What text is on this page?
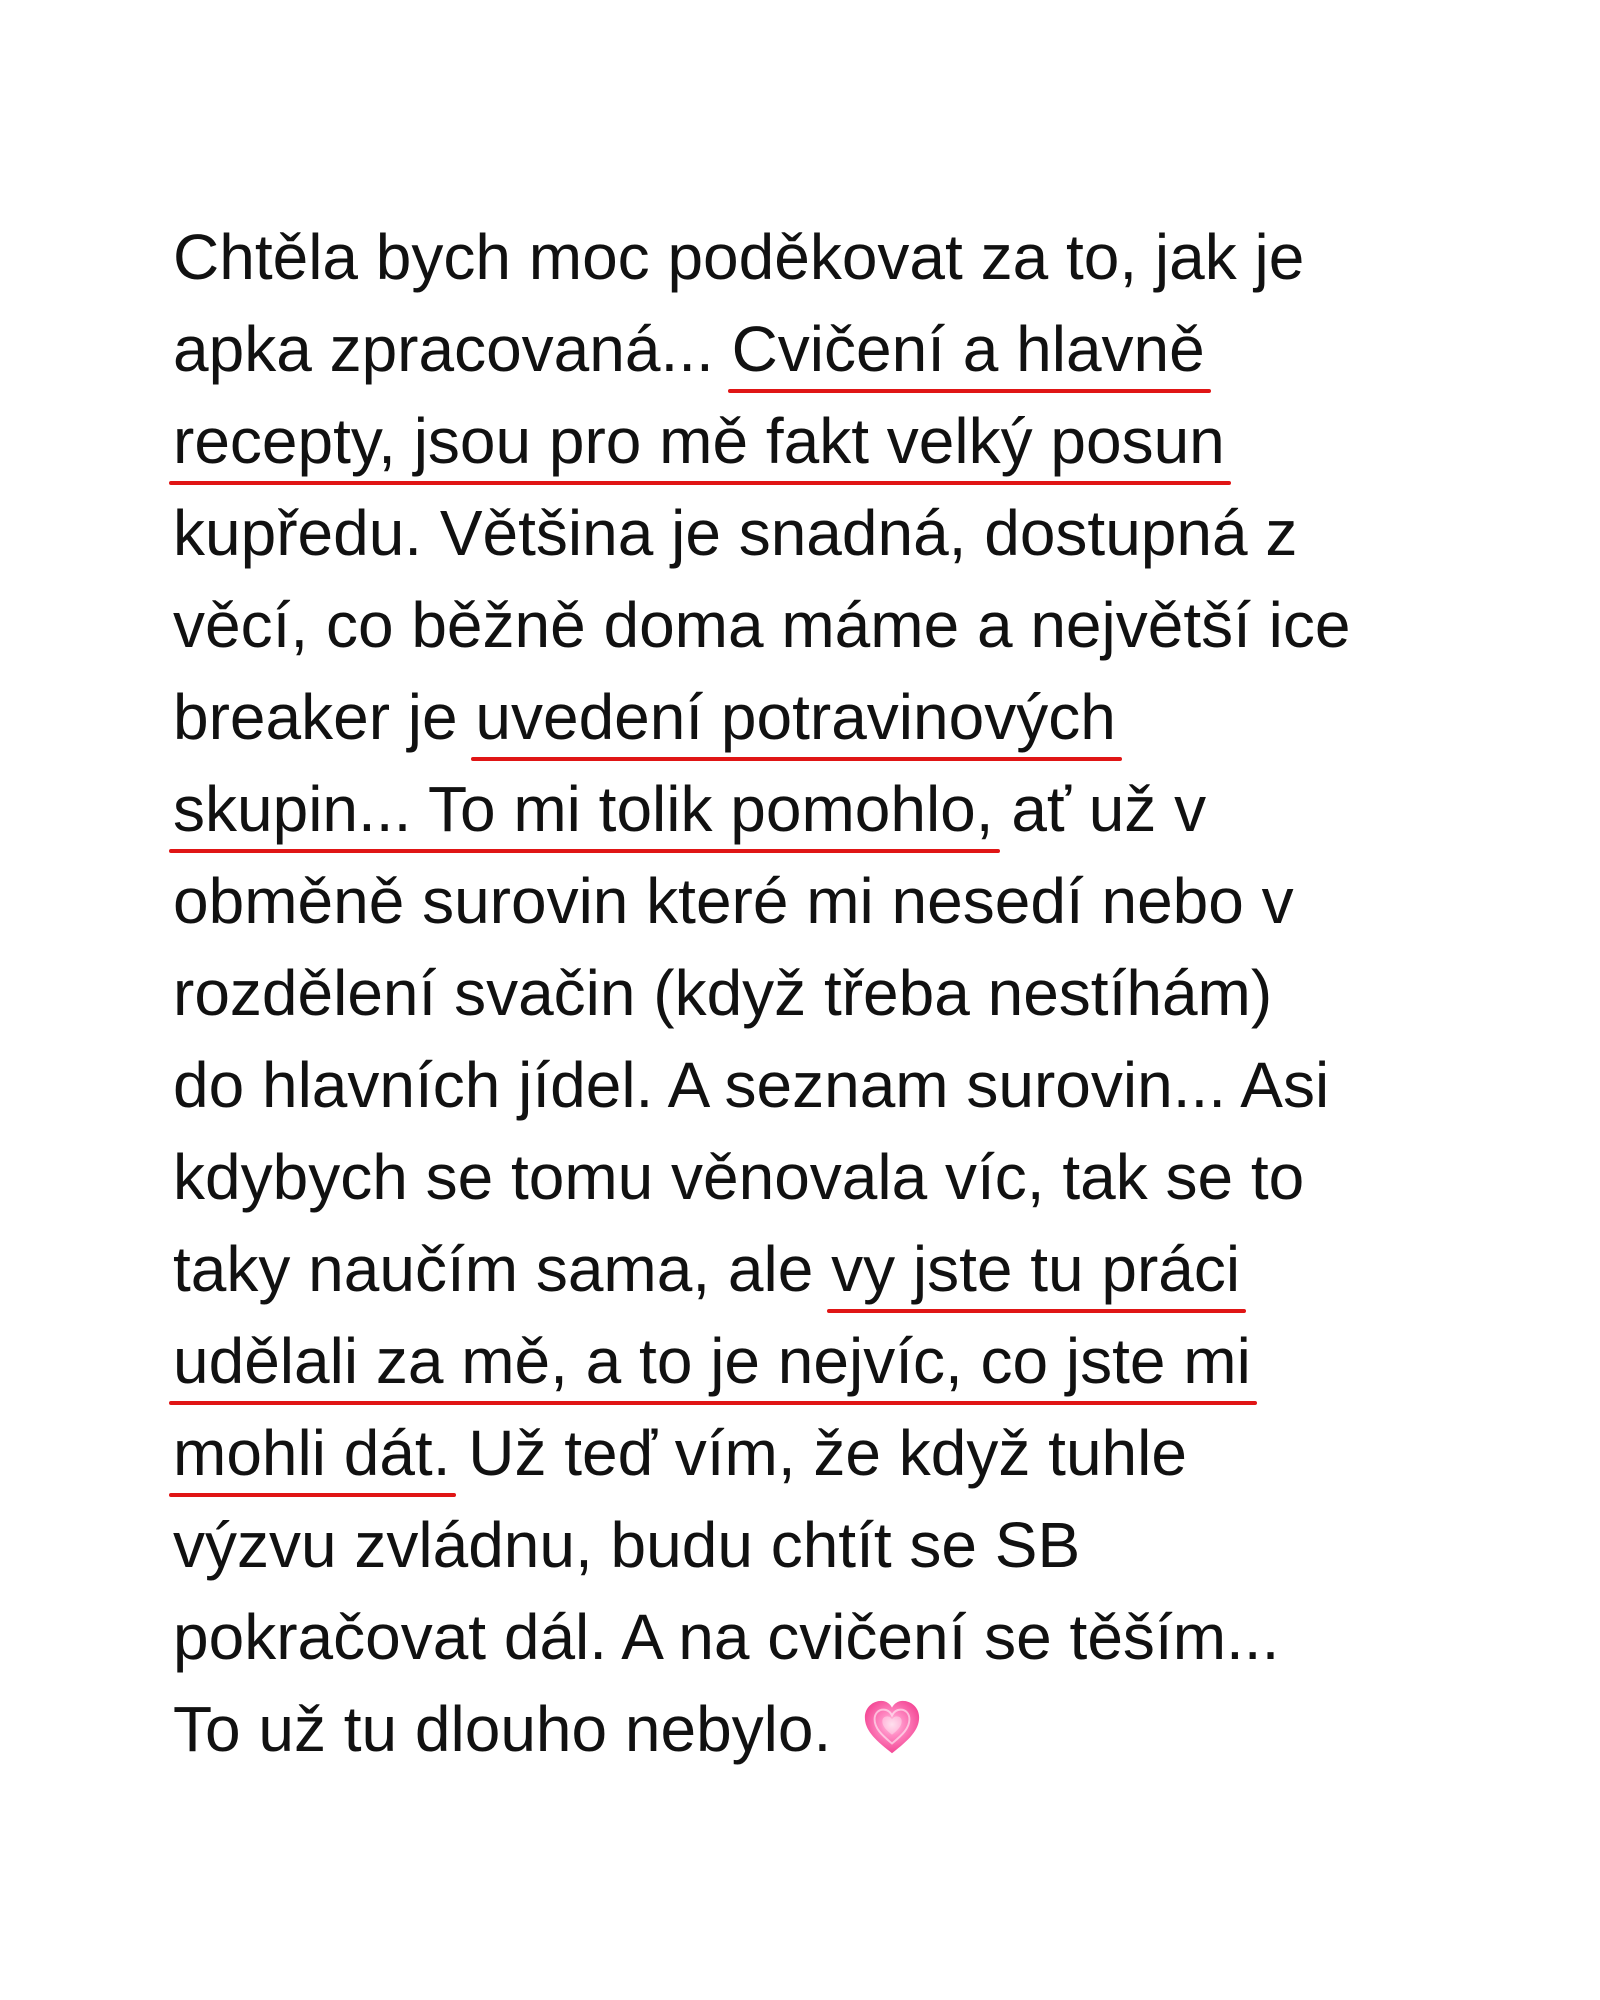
Chtěla bych moc poděkovat za to, jak je
apka zpracovaná... Cvičení a hlavně
recepty, jsou pro mě fakt velký posun
kupředu. Většina je snadná, dostupná z
věcí, co běžně doma máme a největší ice
breaker je uvedení potravinových
skupin... To mi tolik pomohlo, ať už v
obměně surovin které mi nesedí nebo v
rozdělení svačin (když třeba nestíhám)
do hlavních jídel. A seznam surovin... Asi
kdybych se tomu věnovala víc, tak se to
taky naučím sama, ale vy jste tu práci
udělali za mě, a to je nejvíc, co jste mi
mohli dát. Už teď vím, že když tuhle
výzvu zvládnu, budu chtít se SB
pokračovat dál. A na cvičení se těším...
To už tu dlouho nebylo.
